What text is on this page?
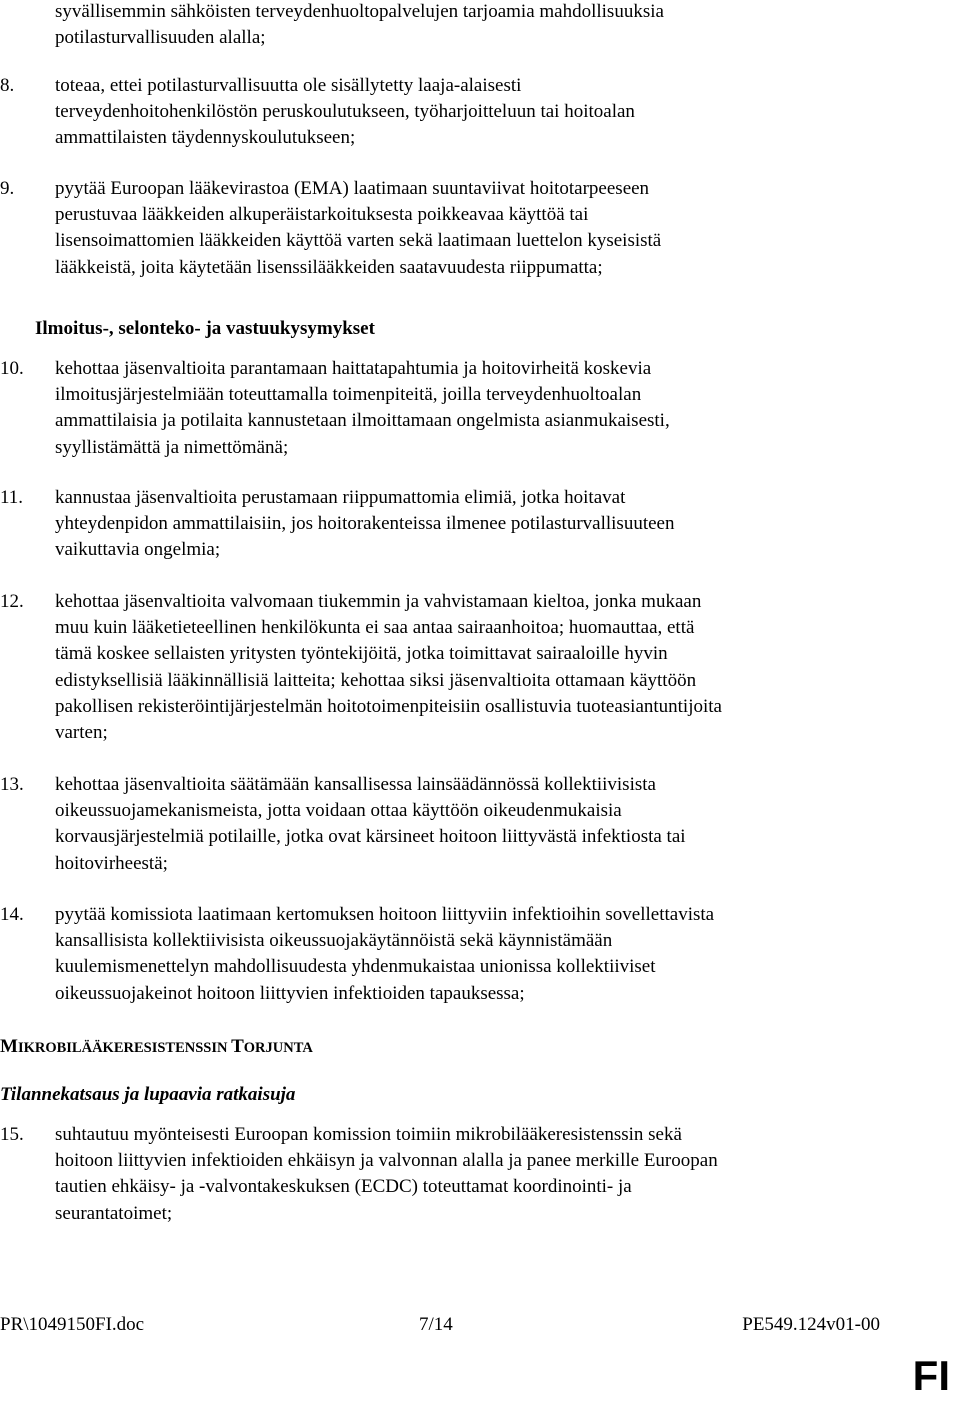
syvällisemmin sähköisten terveydenhuoltopalvelujen tarjoamia mahdollisuuksia
potilasturvallisuuden alalla;
8. toteaa, ettei potilasturvallisuutta ole sisällytetty laaja-alaisesti
terveydenhoitohenkilöstön peruskoulutukseen, työharjoitteluun tai hoitoalan
ammattilaisten täydennyskoulutukseen;
9. pyytää Euroopan lääkevirastoa (EMA) laatimaan suuntaviivat hoitotarpeeseen
perustuvaa lääkkeiden alkuperäistarkoituksesta poikkeavaa käyttöä tai
lisensoimattomien lääkkeiden käyttöä varten sekä laatimaan luettelon kyseisistä
lääkkeistä, joita käytetään lisenssilääkkeiden saatavuudesta riippumatta;
Ilmoitus-, selonteko- ja vastuukysymykset
10. kehottaa jäsenvaltioita parantamaan haittatapahtumia ja hoitovirheitä koskevia
ilmoitusjärjestelmiään toteuttamalla toimenpiteitä, joilla terveydenhuoltoalan
ammattilaisia ja potilaita kannustetaan ilmoittamaan ongelmista asianmukaisesti,
syyllistämättä ja nimettömänä;
11. kannustaa jäsenvaltioita perustamaan riippumattomia elimiä, jotka hoitavat
yhteydenpidon ammattilaisiin, jos hoitorakenteissa ilmenee potilasturvallisuuteen
vaikuttavia ongelmia;
12. kehottaa jäsenvaltioita valvomaan tiukemmin ja vahvistamaan kieltoa, jonka mukaan
muu kuin lääketieteellinen henkilökunta ei saa antaa sairaanhoitoa; huomauttaa, että
tämä koskee sellaisten yritysten työntekijöitä, jotka toimittavat sairaaloille hyvin
edistyksellisiä lääkinnällisiä laitteita; kehottaa siksi jäsenvaltioita ottamaan käyttöön
pakollisen rekisteröintijärjestelmän hoitotoimenpiteisiin osallistuvia tuoteasiantuntijoita
varten;
13. kehottaa jäsenvaltioita säätämään kansallisessa lainsäädännössä kollektiivisista
oikeussuojamekanismeista, jotta voidaan ottaa käyttöön oikeudenmukaisia
korvausjärjestelmiä potilaille, jotka ovat kärsineet hoitoon liittyvästä infektiosta tai
hoitovirheestä;
14. pyytää komissiota laatimaan kertomuksen hoitoon liittyviin infektioihin sovellettavista
kansallisista kollektiivisista oikeussuojakäytännöistä sekä käynnistämään
kuulemismenettelyn mahdollisuudesta yhdenmukaistaa unionissa kollektiiviset
oikeussuojakeinot hoitoon liittyvien infektioiden tapauksessa;
MIKROBILÄÄKERESISTENSSIN TORJUNTA
Tilannekatsaus ja lupaavia ratkaisuja
15. suhtautuu myönteisesti Euroopan komission toimiin mikrobilääkeresistenssin sekä
hoitoon liittyvien infektioiden ehkäisyn ja valvonnan alalla ja panee merkille Euroopan
tautien ehkäisy- ja -valvontakeskuksen (ECDC) toteuttamat koordinointi- ja
seurantatoimet;
PR\1049150FI.doc	7/14	PE549.124v01-00
FI
